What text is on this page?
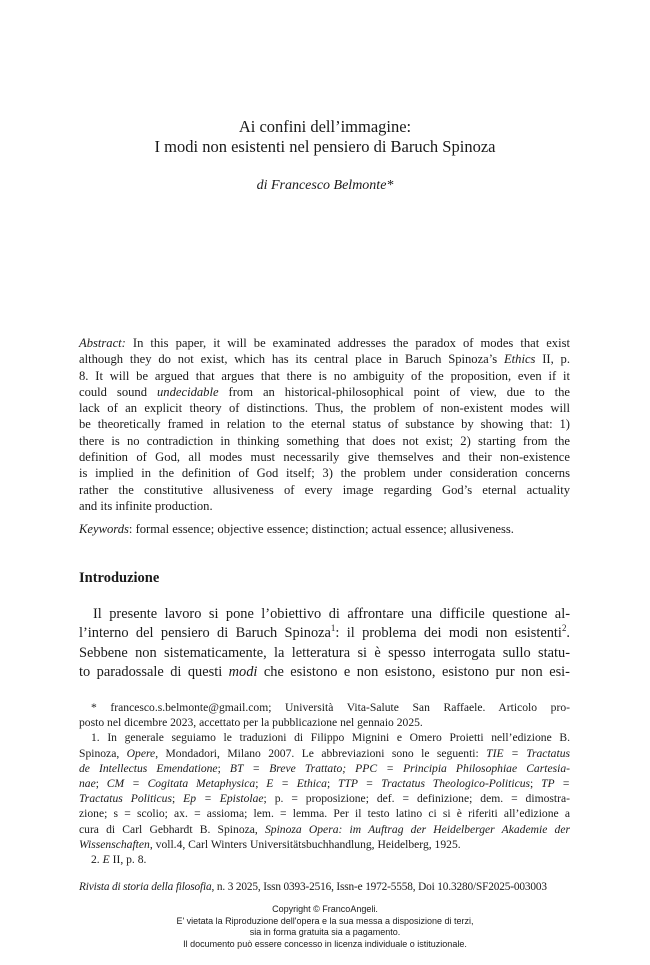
Ai confini dell’immagine:
I modi non esistenti nel pensiero di Baruch Spinoza
di Francesco Belmonte*
Abstract: In this paper, it will be examinated addresses the paradox of modes that exist
although they do not exist, which has its central place in Baruch Spinoza’s Ethics II, p.
8. It will be argued that argues that there is no ambiguity of the proposition, even if it
could sound undecidable from an historical-philosophical point of view, due to the
lack of an explicit theory of distinctions. Thus, the problem of non-existent modes will
be theoretically framed in relation to the eternal status of substance by showing that: 1)
there is no contradiction in thinking something that does not exist; 2) starting from the
definition of God, all modes must necessarily give themselves and their non-existence
is implied in the definition of God itself; 3) the problem under consideration concerns
rather the constitutive allusiveness of every image regarding God’s eternal actuality
and its infinite production.
Keywords: formal essence; objective essence; distinction; actual essence; allusiveness.
Introduzione
Il presente lavoro si pone l’obiettivo di affrontare una difficile questione al-
l’interno del pensiero di Baruch Spinoza$^1$: il problema dei modi non esistenti$^2$.
Sebbene non sistematicamente, la letteratura si è spesso interrogata sullo statu-
to paradossale di questi modi che esistono e non esistono, esistono pur non esi-
* francesco.s.belmonte@gmail.com; Università Vita-Salute San Raffaele. Articolo pro-
posto nel dicembre 2023, accettato per la pubblicazione nel gennaio 2025.
1. In generale seguiamo le traduzioni di Filippo Mignini e Omero Proietti nell’edizione B.
Spinoza, Opere, Mondadori, Milano 2007. Le abbreviazioni sono le seguenti: TIE = Tractatus
de Intellectus Emendatione; BT = Breve Trattato; PPC = Principia Philosophiae Cartesia-
nae; CM = Cogitata Metaphysica; E = Ethica; TTP = Tractatus Theologico-Politicus; TP =
Tractatus Politicus; Ep = Epistolae; p. = proposizione; def. = definizione; dem. = dimostra-
zione; s = scolio; ax. = assioma; lem. = lemma. Per il testo latino ci si è riferiti all’edizione a
cura di Carl Gebhardt B. Spinoza, Spinoza Opera: im Auftrag der Heidelberger Akademie der
Wissenschaften, voll.4, Carl Winters Universitätsbuchhandlung, Heidelberg, 1925.
2. E II, p. 8.
Rivista di storia della filosofia, n. 3 2025, Issn 0393-2516, Issn-e 1972-5558, Doi 10.3280/SF2025-003003
Copyright © FrancoAngeli.
E' vietata la Riproduzione dell'opera e la sua messa a disposizione di terzi,
sia in forma gratuita sia a pagamento.
Il documento può essere concesso in licenza individuale o istituzionale.
